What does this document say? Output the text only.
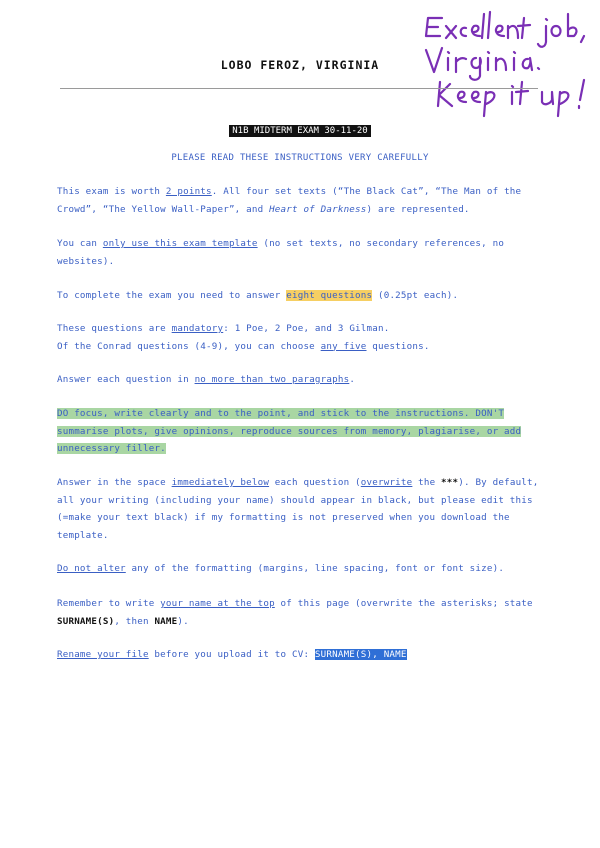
LOBO FEROZ, VIRGINIA
N1B MIDTERM EXAM 30-11-20
PLEASE READ THESE INSTRUCTIONS VERY CAREFULLY
This exam is worth 2 points. All four set texts (“The Black Cat”, “The Man of the Crowd”, “The Yellow Wall-Paper”, and Heart of Darkness) are represented.
You can only use this exam template (no set texts, no secondary references, no websites).
To complete the exam you need to answer eight questions (0.25pt each).
These questions are mandatory: 1 Poe, 2 Poe, and 3 Gilman.
Of the Conrad questions (4-9), you can choose any five questions.
Answer each question in no more than two paragraphs.
DO focus, write clearly and to the point, and stick to the instructions. DON'T summarise plots, give opinions, reproduce sources from memory, plagiarise, or add unnecessary filler.
Answer in the space immediately below each question (overwrite the ***). By default, all your writing (including your name) should appear in black, but please edit this (=make your text black) if my formatting is not preserved when you download the template.
Do not alter any of the formatting (margins, line spacing, font or font size).
Remember to write your name at the top of this page (overwrite the asterisks; state SURNAME(S), then NAME).
Rename your file before you upload it to CV: SURNAME(S), NAME
